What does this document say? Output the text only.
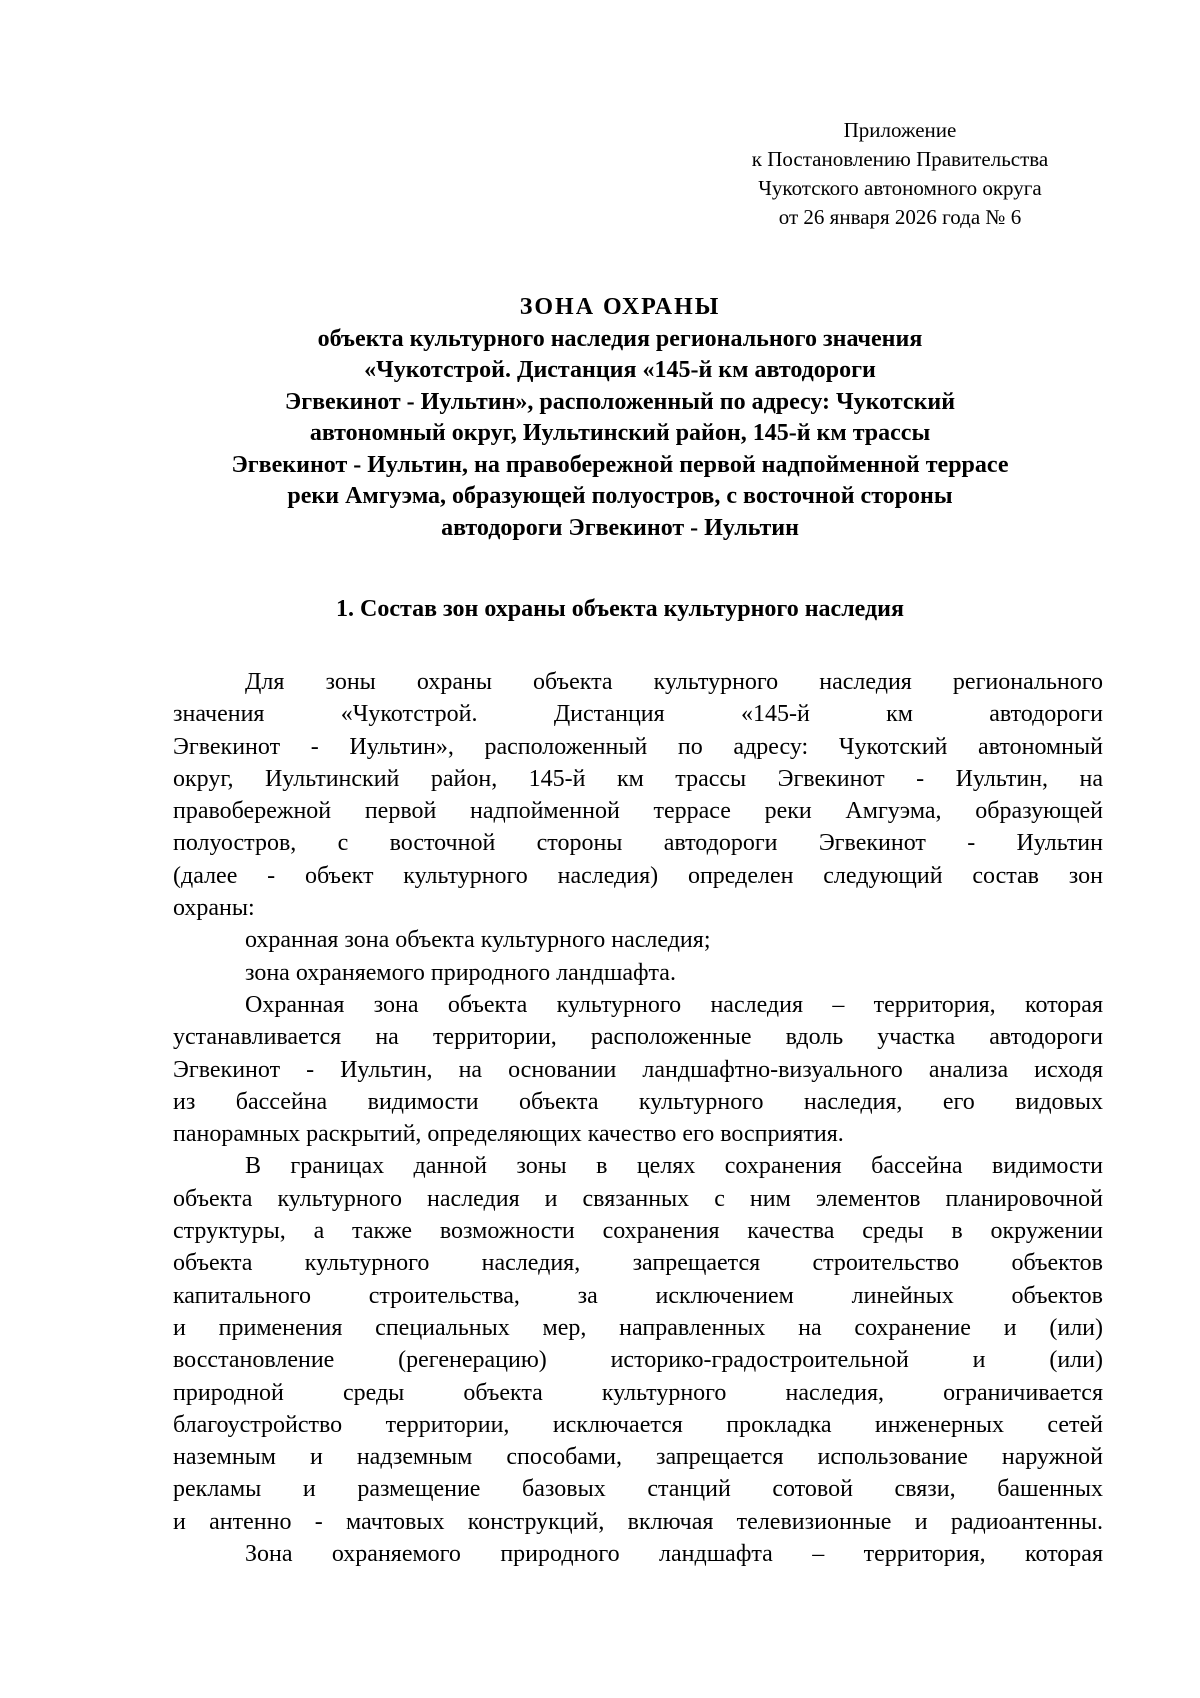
Приложение
к Постановлению Правительства
Чукотского автономного округа
от 26 января 2026 года № 6
ЗОНА ОХРАНЫ
объекта культурного наследия регионального значения
«Чукотстрой. Дистанция «145-й км автодороги
Эгвекинот - Иультин», расположенный по адресу: Чукотский
автономный округ, Иультинский район, 145-й км трассы
Эгвекинот - Иультин, на правобережной первой надпойменной террасе
реки Амгуэма, образующей полуостров, с восточной стороны
автодороги Эгвекинот - Иультин
1. Состав зон охраны объекта культурного наследия
Для зоны охраны объекта культурного наследия регионального
значения «Чукотстрой. Дистанция «145-й км автодороги
Эгвекинот - Иультин», расположенный по адресу: Чукотский автономный
округ, Иультинский район, 145-й км трассы Эгвекинот - Иультин, на
правобережной первой надпойменной террасе реки Амгуэма, образующей
полуостров, с восточной стороны автодороги Эгвекинот - Иультин
(далее - объект культурного наследия) определен следующий состав зон
охраны:
охранная зона объекта культурного наследия;
зона охраняемого природного ландшафта.
Охранная зона объекта культурного наследия – территория, которая
устанавливается на территории, расположенные вдоль участка автодороги
Эгвекинот - Иультин, на основании ландшафтно-визуального анализа исходя
из бассейна видимости объекта культурного наследия, его видовых
панорамных раскрытий, определяющих качество его восприятия.
В границах данной зоны в целях сохранения бассейна видимости
объекта культурного наследия и связанных с ним элементов планировочной
структуры, а также возможности сохранения качества среды в окружении
объекта культурного наследия, запрещается строительство объектов
капитального строительства, за исключением линейных объектов
и применения специальных мер, направленных на сохранение и (или)
восстановление (регенерацию) историко-градостроительной и (или)
природной среды объекта культурного наследия, ограничивается
благоустройство территории, исключается прокладка инженерных сетей
наземным и надземным способами, запрещается использование наружной
рекламы и размещение базовых станций сотовой связи, башенных
и антенно - мачтовых конструкций, включая телевизионные и радиоантенны.
Зона охраняемого природного ландшафта – территория, которая
